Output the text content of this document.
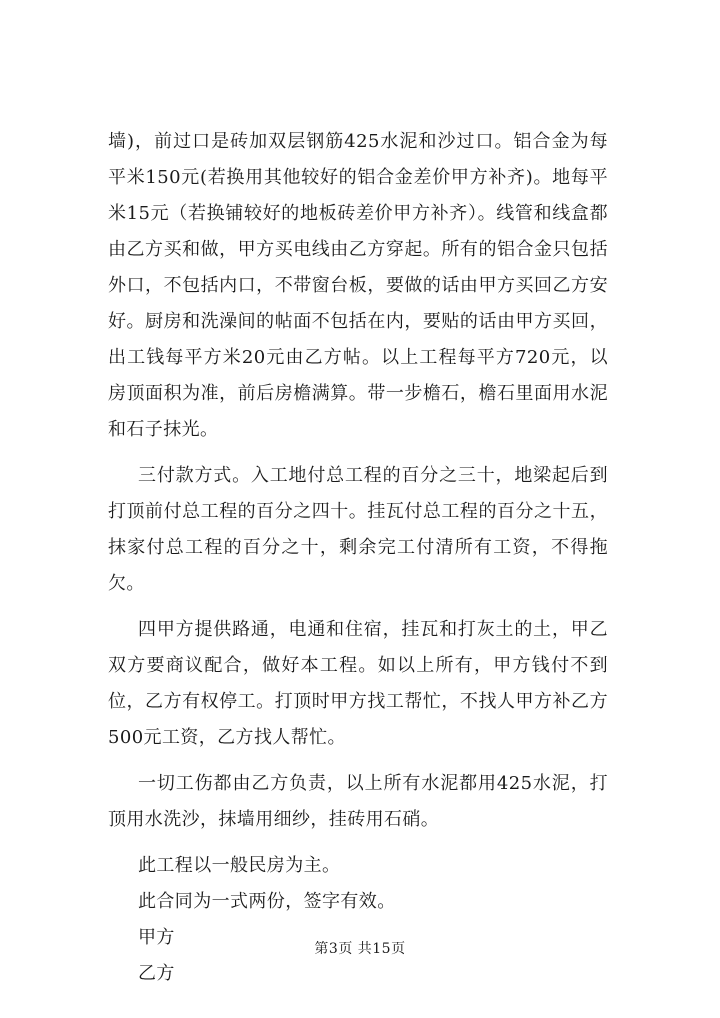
墙)，前过口是砖加双层钢筋425水泥和沙过口。铝合金为每平米150元(若换用其他较好的铝合金差价甲方补齐)。地每平米15元（若换铺较好的地板砖差价甲方补齐）。线管和线盒都由乙方买和做，甲方买电线由乙方穿起。所有的铝合金只包括外口，不包括内口，不带窗台板，要做的话由甲方买回乙方安好。厨房和洗澡间的帖面不包括在内，要贴的话由甲方买回，出工钱每平方米20元由乙方帖。以上工程每平方720元，以房顶面积为准，前后房檐满算。带一步檐石，檐石里面用水泥和石子抹光。

三付款方式。入工地付总工程的百分之三十，地梁起后到打顶前付总工程的百分之四十。挂瓦付总工程的百分之十五，抹家付总工程的百分之十，剩余完工付清所有工资，不得拖欠。

四甲方提供路通，电通和住宿，挂瓦和打灰土的土，甲乙双方要商议配合，做好本工程。如以上所有，甲方钱付不到位，乙方有权停工。打顶时甲方找工帮忙，不找人甲方补乙方500元工资，乙方找人帮忙。

一切工伤都由乙方负责，以上所有水泥都用425水泥，打顶用水洗沙，抹墙用细纱，挂砖用石硝。

此工程以一般民房为主。

此合同为一式两份，签字有效。

甲方

乙方

第3页 共15页
